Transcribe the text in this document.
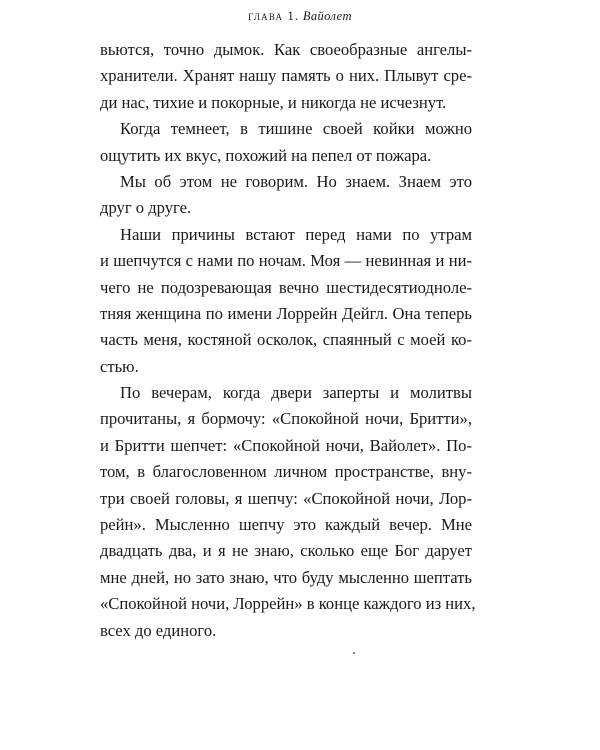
глава 1. Вайолет
вьются, точно дымок. Как своеобразные ангелы-
хранители. Хранят нашу память о них. Плывут сре-
ди нас, тихие и покорные, и никогда не исчезнут.
Когда темнеет, в тишине своей койки можно
ощутить их вкус, похожий на пепел от пожара.
Мы об этом не говорим. Но знаем. Знаем это
друг о друге.
Наши причины встают перед нами по утрам
и шепчутся с нами по ночам. Моя — невинная и ни-
чего не подозревающая вечно шестидесятиодноле-
тняя женщина по имени Лоррейн Дейгл. Она теперь
часть меня, костяной осколок, спаянный с моей ко-
стью.
По вечерам, когда двери заперты и молитвы
прочитаны, я бормочу: «Спокойной ночи, Бритти»,
и Бритти шепчет: «Спокойной ночи, Вайолет». По-
том, в благословенном личном пространстве, вну-
три своей головы, я шепчу: «Спокойной ночи, Лор-
рейн». Мысленно шепчу это каждый вечер. Мне
двадцать два, и я не знаю, сколько еще Бог дарует
мне дней, но зато знаю, что буду мысленно шептать
«Спокойной ночи, Лоррейн» в конце каждого из них,
всех до единого.
